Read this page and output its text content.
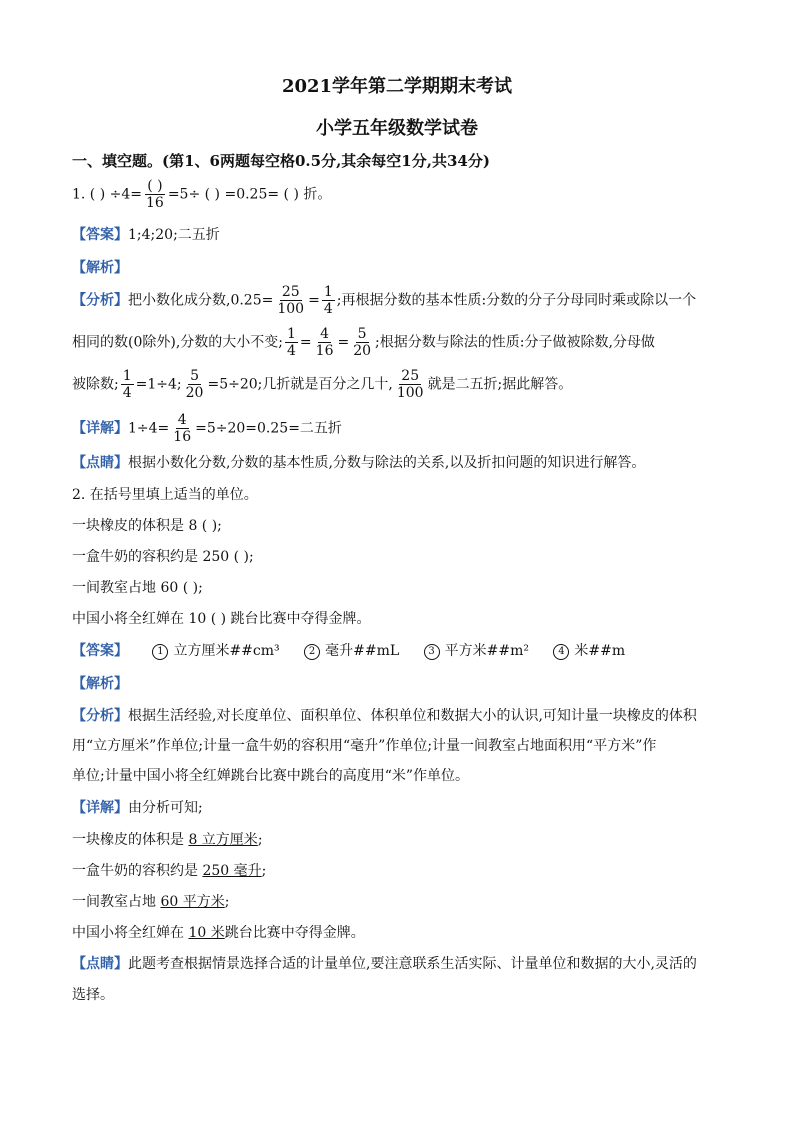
2021学年第二学期期末考试
小学五年级数学试卷
一、填空题。(第1、6两题每空格0.5分,其余每空1分,共34分)
1. ( ) $\div 4= \frac{( )}{16} =5\div$ ( ) =0.25= ( ) 折。
【答案】1;4;20;二五折
【解析】
【分析】把小数化成分数$,0.25= \frac{25}{100} = \frac{1}{4}$ ;再根据分数的基本性质:分数的分子分母同时乘或除以一个
相同的数(0除外),分数的大小不变; $\frac{1}{4} = \frac{4}{16} = \frac{5}{20}$ ;根据分数与除法的性质:分子做被除数,分母做
被除数; $\frac{1}{4} =1\div 4$; $\frac{5}{20} =5\div 20$;几折就是百分之几十, $\frac{25}{100}$ 就是二五折;据此解答。
【详解】$1\div 4= \frac{4}{16} =5\div 20=0.25=$二五折
【点睛】根据小数化分数,分数的基本性质,分数与除法的关系,以及折扣问题的知识进行解答。
2. 在括号里填上适当的单位。
一块橡皮的体积是 8 ( );
一盒牛奶的容积约是 250 ( );
一间教室占地 60 ( );
中国小将全红婵在 10 ( ) 跳台比赛中夺得金牌。
【答案】	1 立方厘米##cm³	2 毫升##mL	3 平方米##m²	4 米##m
【解析】
【分析】根据生活经验,对长度单位、面积单位、体积单位和数据大小的认识,可知计量一块橡皮的体积
用“立方厘米”作单位;计量一盒牛奶的容积用“毫升”作单位;计量一间教室占地面积用“平方米”作
单位;计量中国小将全红婵跳台比赛中跳台的高度用“米”作单位。
【详解】由分析可知;
一块橡皮的体积是 8 立方厘米;
一盒牛奶的容积约是 250 毫升;
一间教室占地 60 平方米;
中国小将全红婵在 10 米跳台比赛中夺得金牌。
【点睛】此题考查根据情景选择合适的计量单位,要注意联系生活实际、计量单位和数据的大小,灵活的
选择。
